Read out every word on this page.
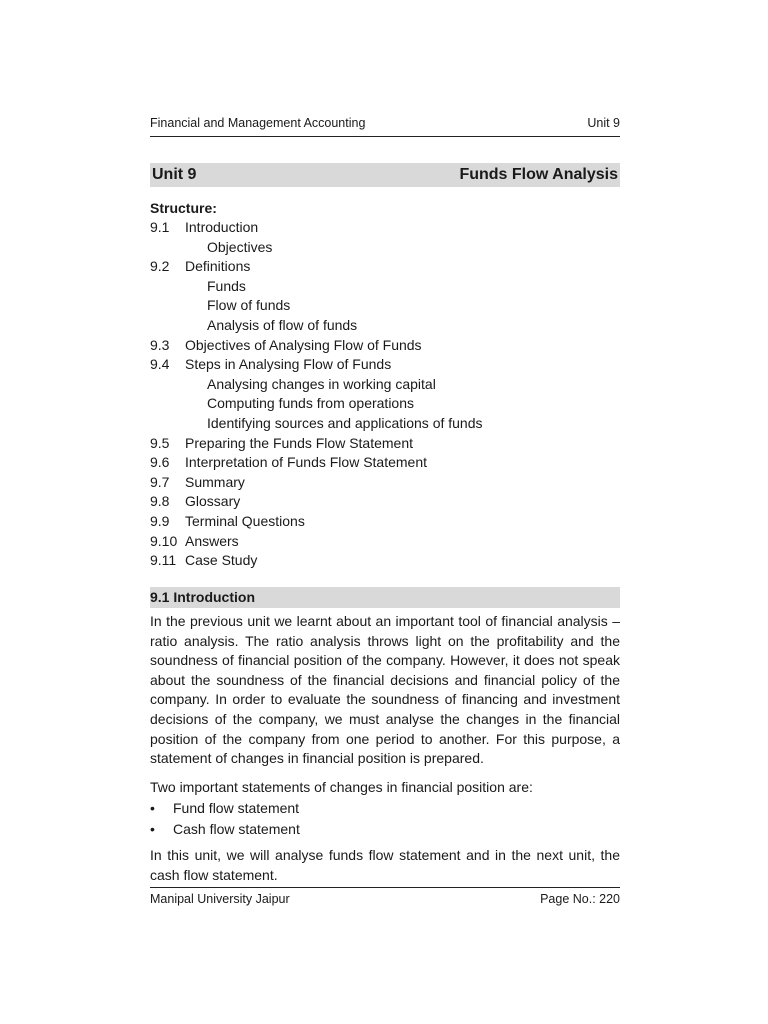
Financial and Management Accounting	Unit 9
Unit 9	Funds Flow Analysis
Structure:
9.1	Introduction
Objectives
9.2	Definitions
Funds
Flow of funds
Analysis of flow of funds
9.3	Objectives of Analysing Flow of Funds
9.4	Steps in Analysing Flow of Funds
Analysing changes in working capital
Computing funds from operations
Identifying sources and applications of funds
9.5	Preparing the Funds Flow Statement
9.6	Interpretation of Funds Flow Statement
9.7	Summary
9.8	Glossary
9.9	Terminal Questions
9.10 Answers
9.11 Case Study
9.1 Introduction

In the previous unit we learnt about an important tool of financial analysis – ratio analysis. The ratio analysis throws light on the profitability and the soundness of financial position of the company. However, it does not speak about the soundness of the financial decisions and financial policy of the company. In order to evaluate the soundness of financing and investment decisions of the company, we must analyse the changes in the financial position of the company from one period to another. For this purpose, a statement of changes in financial position is prepared.

Two important statements of changes in financial position are:

•	Fund flow statement
•	Cash flow statement

In this unit, we will analyse funds flow statement and in the next unit, the cash flow statement.

Manipal University Jaipur	Page No.: 220
